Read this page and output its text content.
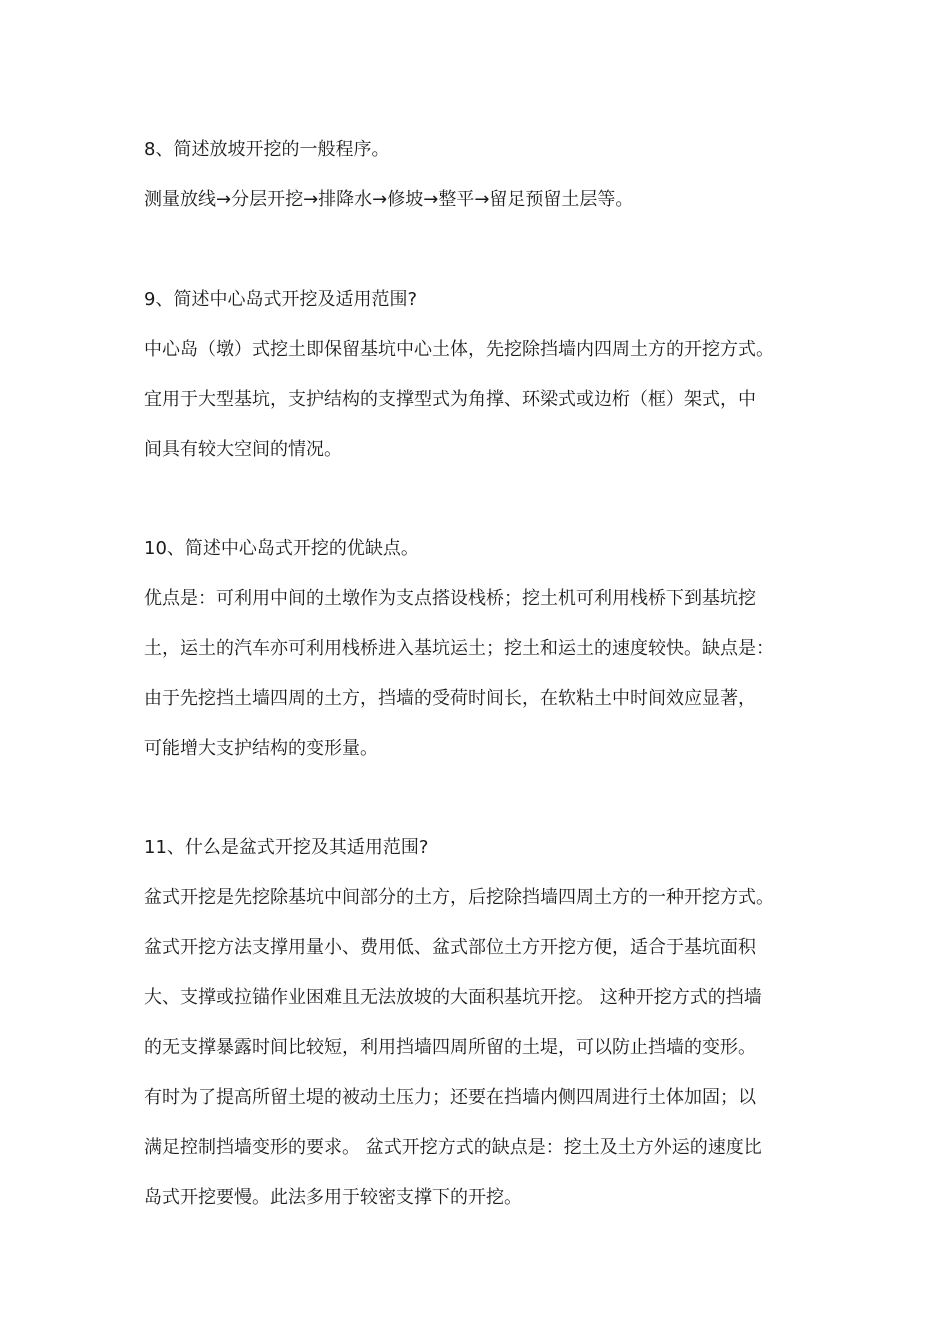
8、简述放坡开挖的一般程序。
测量放线→分层开挖→排降水→修坡→整平→留足预留土层等。
9、简述中心岛式开挖及适用范围?
中心岛（墩）式挖土即保留基坑中心土体，先挖除挡墙内四周土方的开挖方式。
宜用于大型基坑，支护结构的支撑型式为角撑、环梁式或边桁（框）架式，中
间具有较大空间的情况。
10、简述中心岛式开挖的优缺点。
优点是：可利用中间的土墩作为支点搭设栈桥；挖土机可利用栈桥下到基坑挖
土，运土的汽车亦可利用栈桥进入基坑运土；挖土和运土的速度较快。缺点是：
由于先挖挡土墙四周的土方，挡墙的受荷时间长，在软粘土中时间效应显著，
可能增大支护结构的变形量。
11、什么是盆式开挖及其适用范围?
盆式开挖是先挖除基坑中间部分的土方，后挖除挡墙四周土方的一种开挖方式。
盆式开挖方法支撑用量小、费用低、盆式部位土方开挖方便，适合于基坑面积
大、支撑或拉锚作业困难且无法放坡的大面积基坑开挖。 这种开挖方式的挡墙
的无支撑暴露时间比较短，利用挡墙四周所留的土堤，可以防止挡墙的变形。
有时为了提高所留土堤的被动土压力；还要在挡墙内侧四周进行土体加固；以
满足控制挡墙变形的要求。 盆式开挖方式的缺点是：挖土及土方外运的速度比
岛式开挖要慢。此法多用于较密支撑下的开挖。
